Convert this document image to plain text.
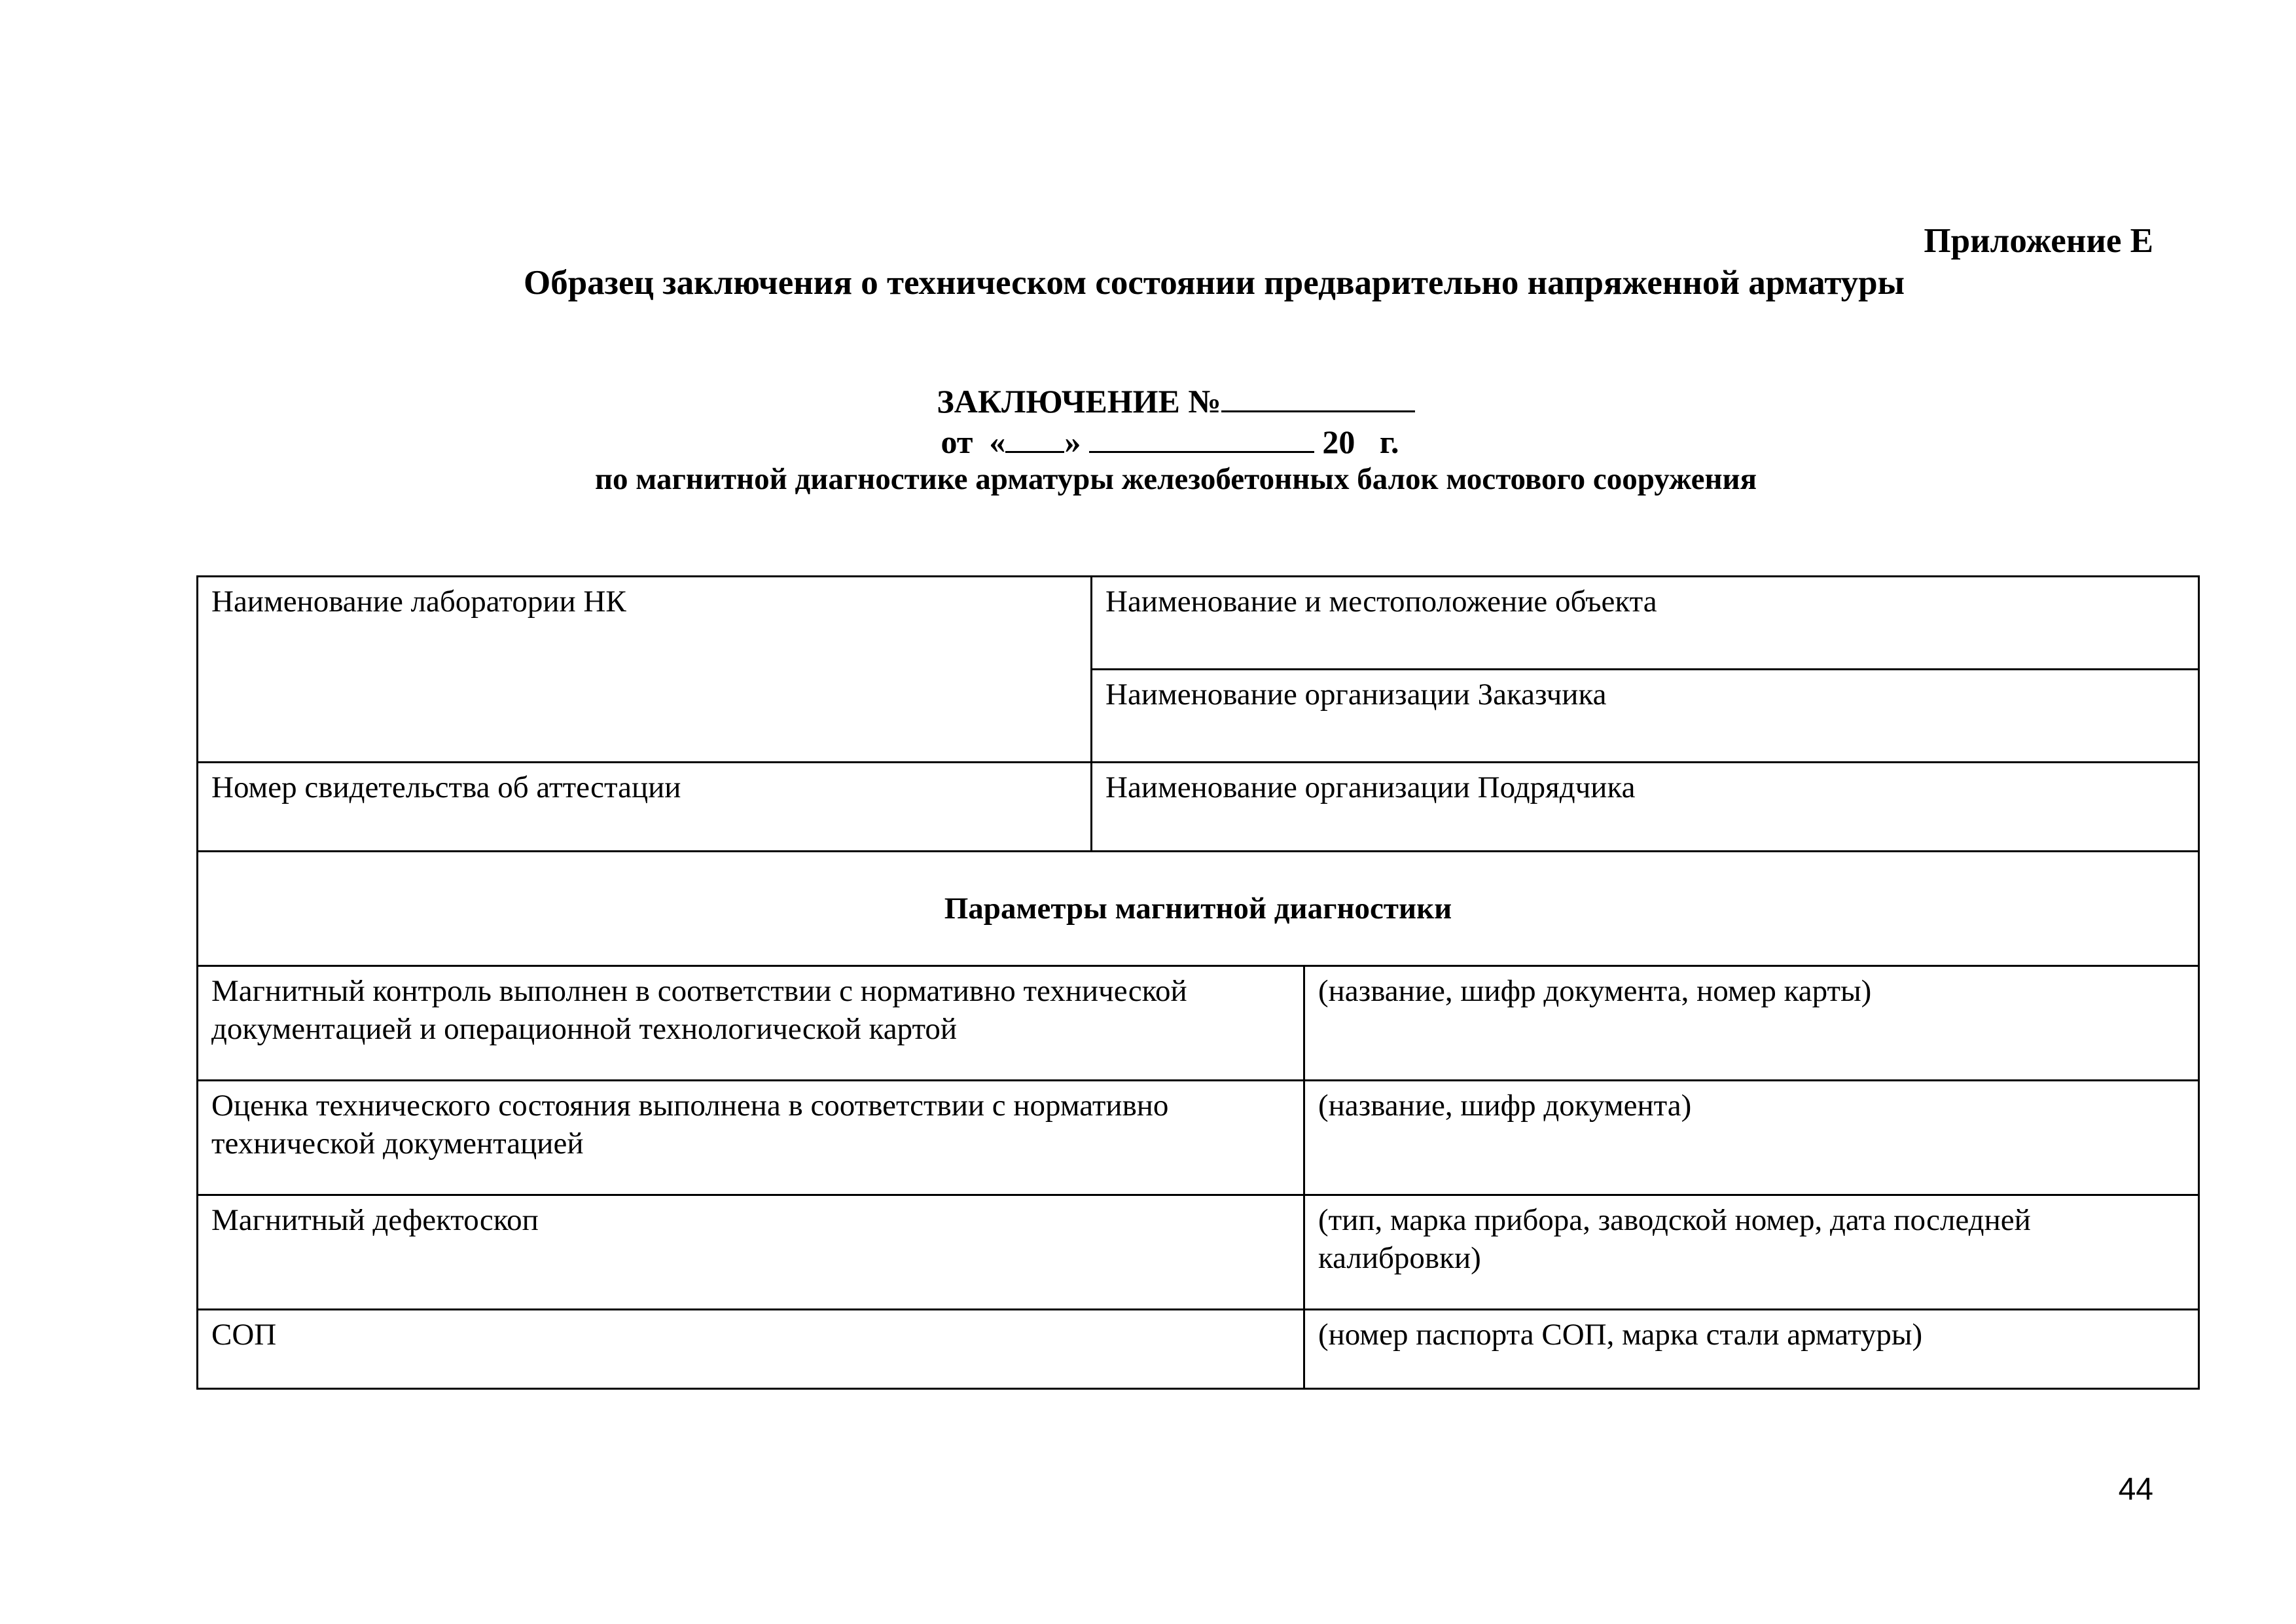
Приложение Е
Образец заключения о техническом состоянии предварительно напряженной арматуры
ЗАКЛЮЧЕНИЕ №
от  « »	20   г.
по магнитной диагностике арматуры железобетонных балок мостового сооружения
Наименование лаборатории НК	Наименование и местоположение объекта	
	Наименование организации Заказчика	
Номер свидетельства об аттестации	Наименование организации Подрядчика	
Параметры магнитной диагностики		
Магнитный контроль выполнен в соответствии с нормативно технической документацией и операционной технологической картой		(название, шифр документа, номер карты)
Оценка технического состояния выполнена в соответствии с нормативно технической документацией		(название, шифр документа)
Магнитный дефектоскоп		(тип, марка прибора, заводской номер, дата последней калибровки)
СОП		(номер паспорта СОП, марка стали арматуры)
44
